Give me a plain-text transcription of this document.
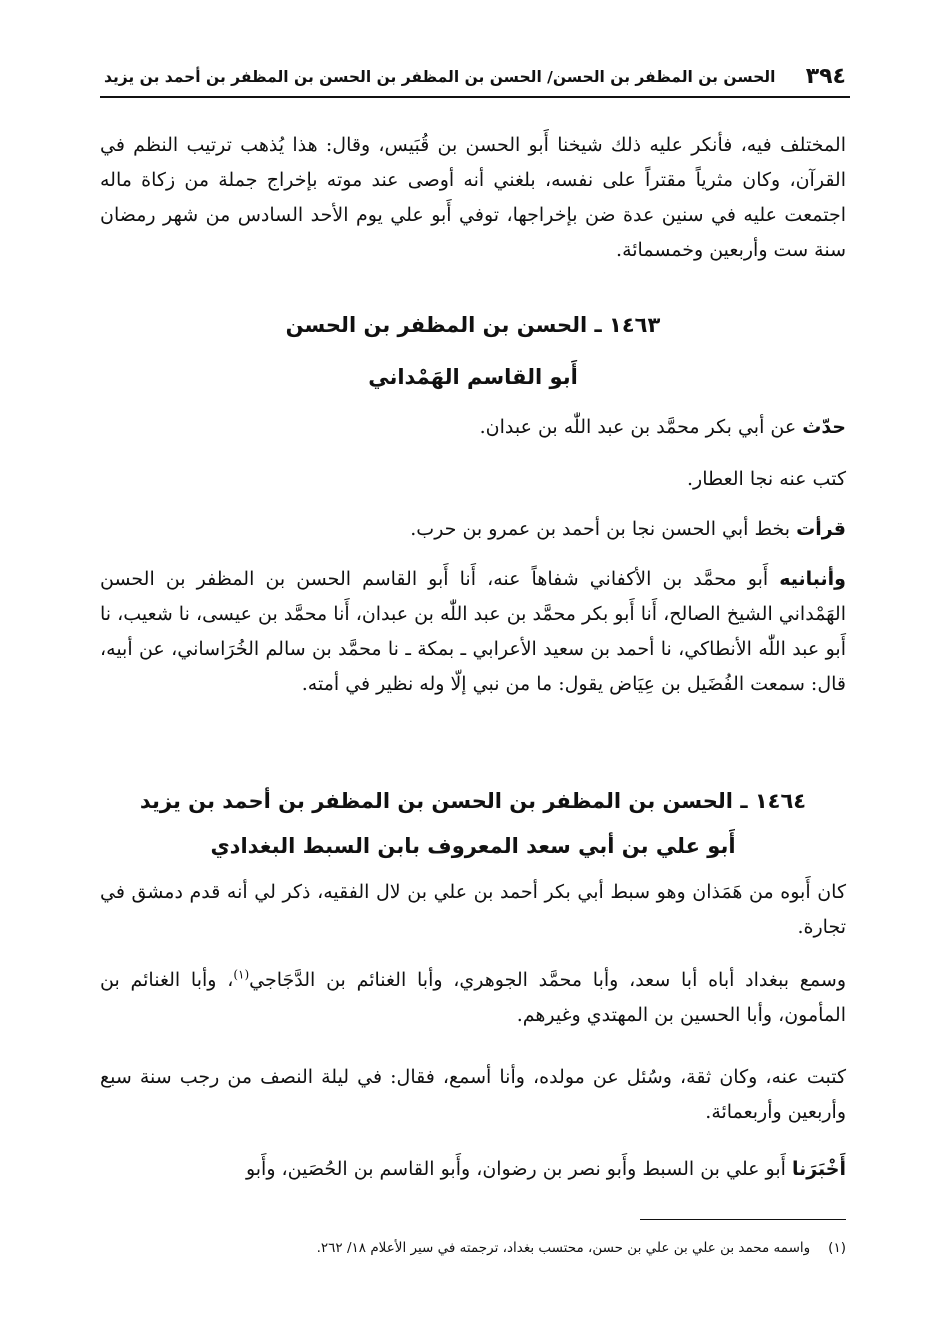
٣٩٤
الحسن بن المظفر بن الحسن/ الحسن بن المظفر بن الحسن بن المظفر بن أحمد بن يزيد
المختلف فيه، فأنكر عليه ذلك شيخنا أَبو الحسن بن قُبَيس، وقال: هذا يُذهب ترتيب النظم في القرآن، وكان مثرياً مقتراً على نفسه، بلغني أنه أوصى عند موته بإخراج جملة من زكاة ماله اجتمعت عليه في سنين عدة ضن بإخراجها، توفي أَبو علي يوم الأحد السادس من شهر رمضان سنة ست وأربعين وخمسمائة.
١٤٦٣ ـ الحسن بن المظفر بن الحسن
أَبو القاسم الهَمْداني
حدّث عن أبي بكر محمَّد بن عبد اللّٰه بن عبدان.
كتب عنه نجا العطار.
قرأت بخط أبي الحسن نجا بن أحمد بن عمرو بن حرب.
وأنبانيه أَبو محمَّد بن الأكفاني شفاهاً عنه، أَنا أَبو القاسم الحسن بن المظفر بن الحسن الهَمْداني الشيخ الصالح، أَنا أَبو بكر محمَّد بن عبد اللّٰه بن عبدان، أَنا محمَّد بن عيسى، نا شعيب، نا أَبو عبد اللّٰه الأنطاكي، نا أحمد بن سعيد الأعرابي ـ بمكة ـ نا محمَّد بن سالم الخُرَاساني، عن أبيه، قال: سمعت الفُضَيل بن عِيَاض يقول: ما من نبي إلّا وله نظير في أمته.
١٤٦٤ ـ الحسن بن المظفر بن الحسن بن المظفر بن أحمد بن يزيد
أَبو علي بن أبي سعد المعروف بابن السبط البغدادي
كان أَبوه من هَمَذان وهو سبط أبي بكر أحمد بن علي بن لال الفقيه، ذكر لي أنه قدم دمشق في تجارة.
وسمع ببغداد أباه أبا سعد، وأبا محمَّد الجوهري، وأبا الغنائم بن الدَّجَاجي$^{(١)}$، وأبا الغنائم بن المأمون، وأبا الحسين بن المهتدي وغيرهم.
كتبت عنه، وكان ثقة، وسُئل عن مولده، وأنا أسمع، فقال: في ليلة النصف من رجب سنة سبع وأربعين وأربعمائة.
أَخْبَرَنا أَبو علي بن السبط وأَبو نصر بن رضوان، وأَبو القاسم بن الحُصَين، وأَبو
(١)واسمه محمد بن علي بن علي بن حسن، محتسب بغداد، ترجمته في سير الأعلام ١٨/ ٢٦٢.
